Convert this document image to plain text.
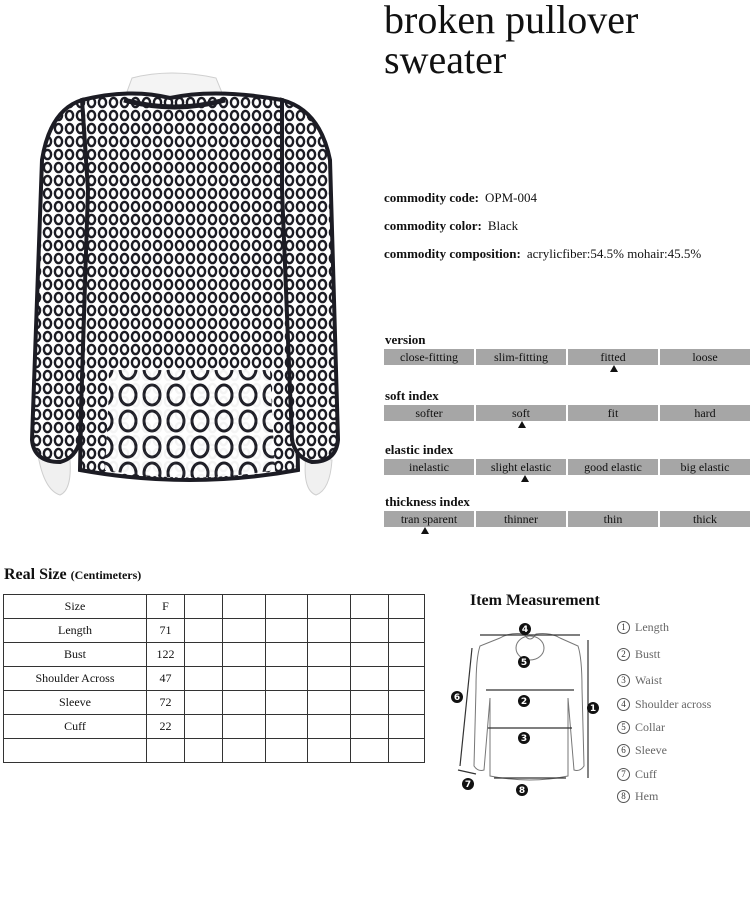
broken pullover sweater
commodity code: OPM-004
commodity color: Black
commodity composition: acrylicfiber:54.5% mohair:45.5%
version
close-fitting	slim-fitting	fitted	loose
soft index
softer	soft	fit	hard
elastic index
inelastic	slight elastic	good elastic	big elastic
thickness index
tran sparent	thinner	thin	thick
Real Size (Centimeters)
Size	F						
Length	71						
Bust	122						
Shoulder Across	47						
Sleeve	72						
Cuff	22						

Item Measurement
4
5
2
3
8
1
6
7
1 Length
2 Bustt
3 Waist
4 Shoulder across
5 Collar
6 Sleeve
7 Cuff
8 Hem
